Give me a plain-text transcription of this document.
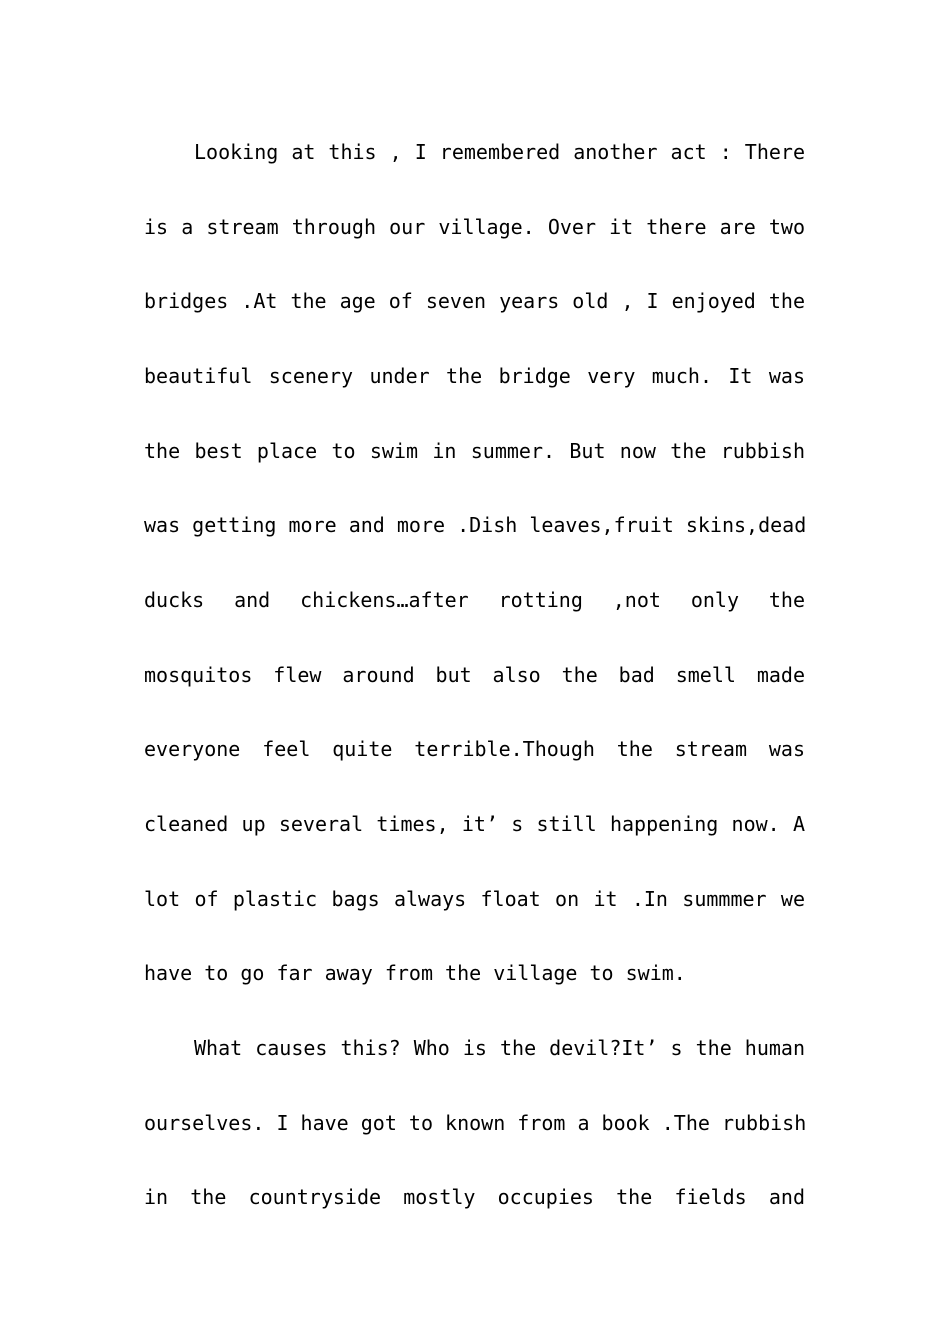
Looking at this , I remembered another act : There
is a stream through our village. Over it there are two
bridges .At the age of seven years old , I enjoyed the
beautiful scenery under the bridge very much. It was
the best place to swim in summer. But now the rubbish
was getting more and more .Dish leaves,fruit skins,dead
ducks and chickens…after rotting ,not only the
mosquitos flew around but also the bad smell made
everyone feel quite terrible.Though the stream was
cleaned up several times, it’ s still happening now. A
lot of plastic bags always float on it .In summmer we
have to go far away from the village to swim.
What causes this? Who is the devil?It’ s the human
ourselves. I have got to known from a book .The rubbish
in the countryside mostly occupies the fields and
